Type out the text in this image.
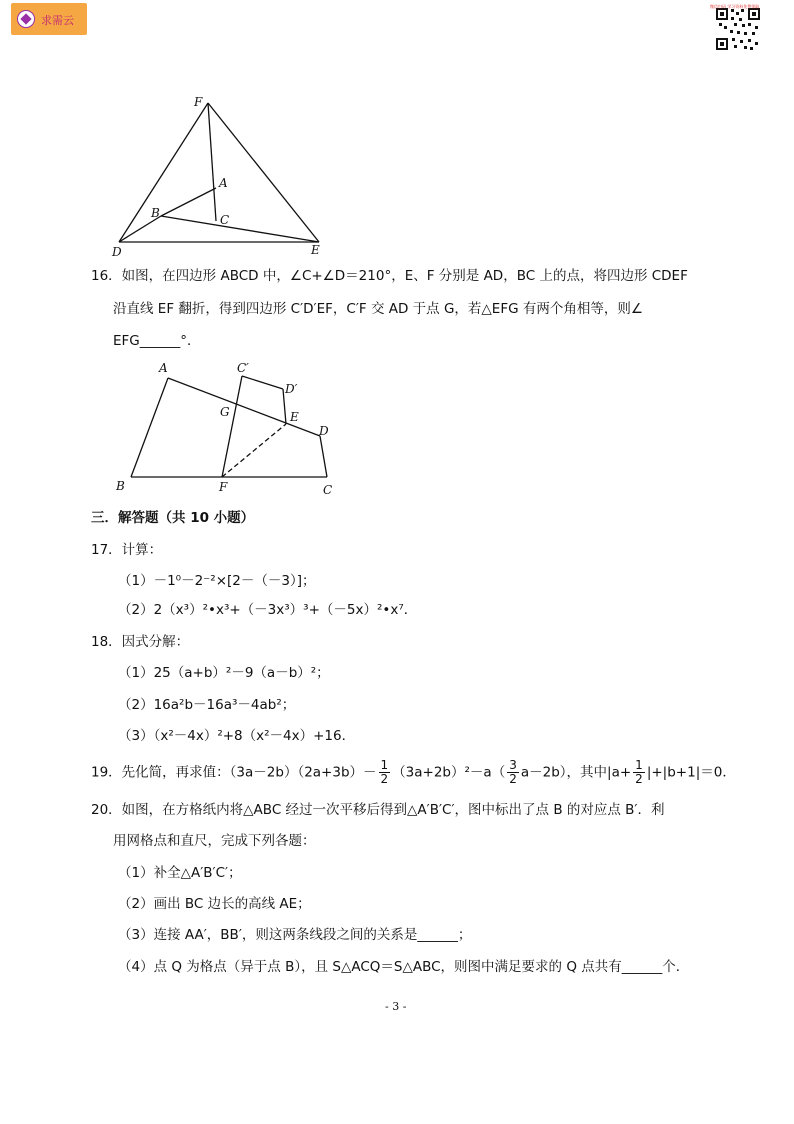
求需云
微信扫码 学习资料免费领取
F
A
B	C
D	E
16．如图，在四边形 ABCD 中，∠C+∠D＝210°，E、F 分别是 AD，BC 上的点，将四边形 CDEF
沿直线 EF 翻折，得到四边形 C′D′EF，C′F 交 AD 于点 G，若△EFG 有两个角相等，则∠
EFG______°．
A	C′
D′
G	E
D
B	F	C
三．解答题（共 10 小题）
17．计算：
（1）－1⁰－2⁻²×[2－（－3）]；
（2）2（x³）²•x³+（－3x³）³+（－5x）²•x⁷．
18．因式分解：
（1）25（a+b）²－9（a－b）²；
（2）16a²b－16a³－4ab²；
（3）（x²－4x）²+8（x²－4x）+16．
19．先化简，再求值：$(3a-2b)(2a+3b)- \frac{1}{2} (3a+2b)^2-a( \frac{3}{2} a-2b)$，其中$|a+ \frac{1}{2} |+|b+1|=0$．
20．如图，在方格纸内将△ABC 经过一次平移后得到△A′B′C′，图中标出了点 B 的对应点 B′．利
用网格点和直尺，完成下列各题：
（1）补全△A′B′C′；
（2）画出 BC 边长的高线 AE；
（3）连接 AA′，BB′，则这两条线段之间的关系是______；
（4）点 Q 为格点（异于点 B），且 S△ACQ＝S△ABC，则图中满足要求的 Q 点共有______个．
- 3 -
